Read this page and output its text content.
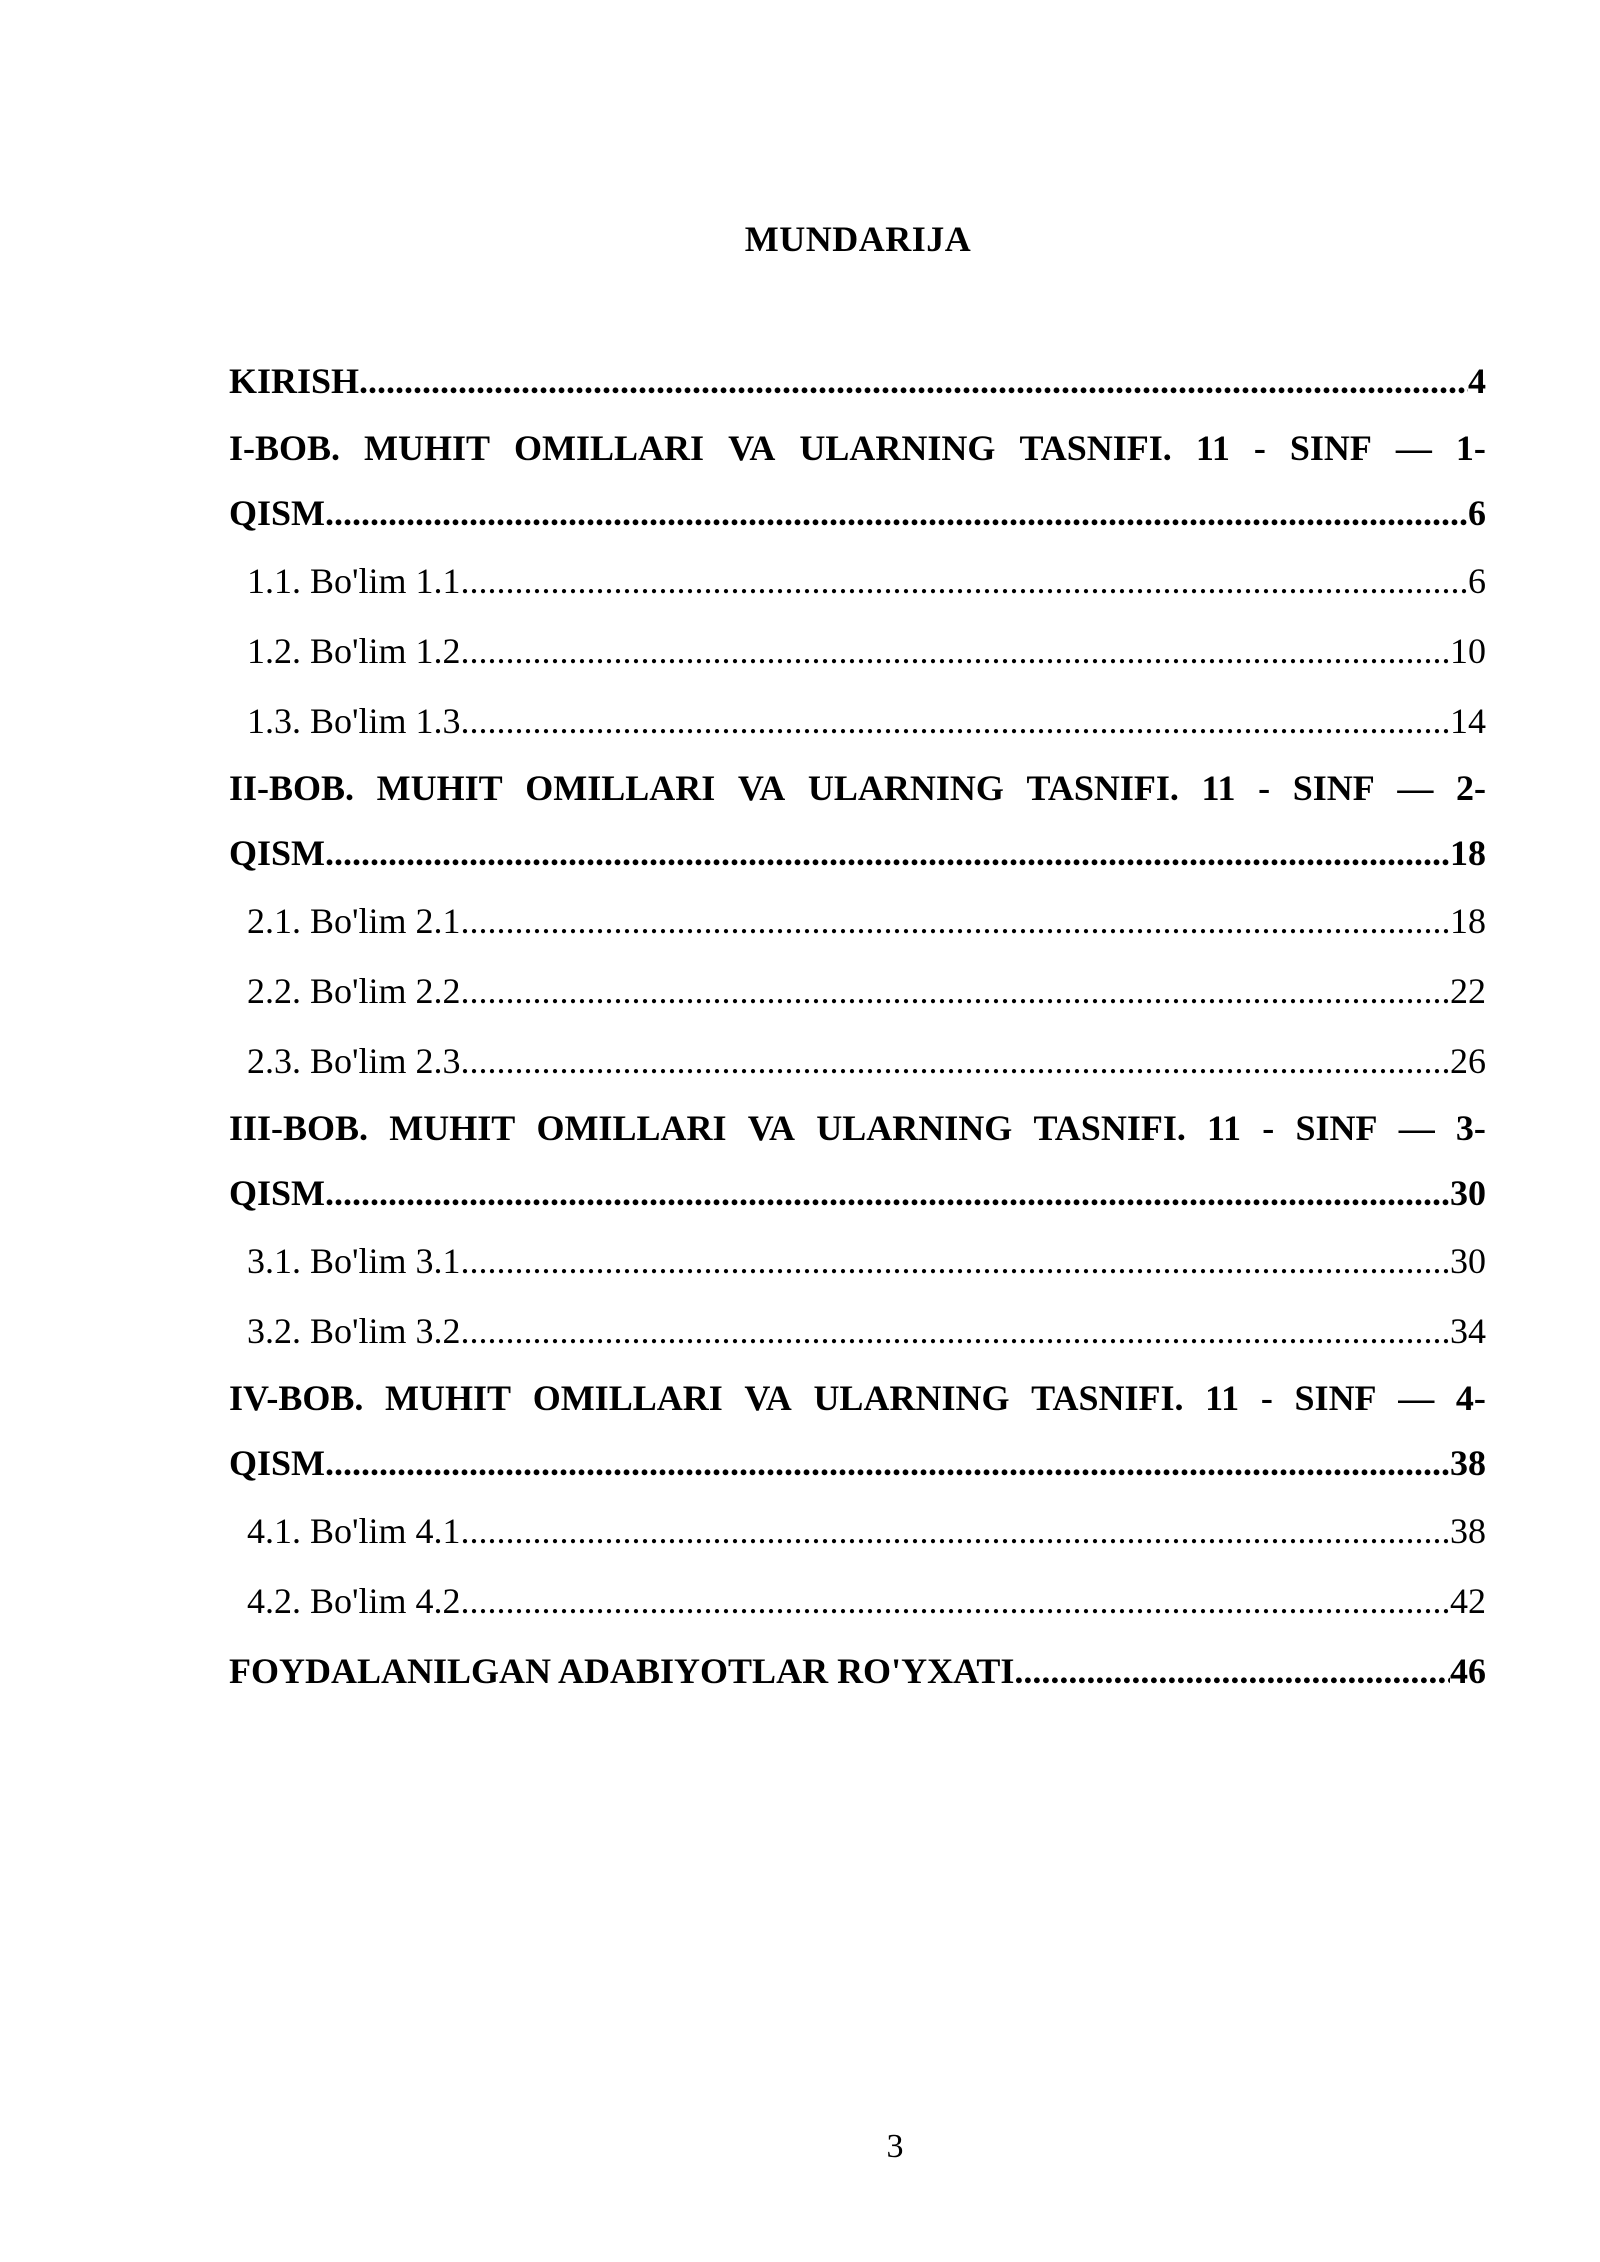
MUNDARIJA
KIRISH .....	4
I-BOB. MUHIT OMILLARI VA ULARNING TASNIFI. 11 - SINF — 1-
QISM .....	6
1.1. Bo'lim 1.1 .....	6
1.2. Bo'lim 1.2 .....	10
1.3. Bo'lim 1.3 .....	14
II-BOB. MUHIT OMILLARI VA ULARNING TASNIFI. 11 - SINF — 2-
QISM .....	18
2.1. Bo'lim 2.1 .....	18
2.2. Bo'lim 2.2 .....	22
2.3. Bo'lim 2.3 .....	26
III-BOB. MUHIT OMILLARI VA ULARNING TASNIFI. 11 - SINF — 3-
QISM .....	30
3.1. Bo'lim 3.1 .....	30
3.2. Bo'lim 3.2 .....	34
IV-BOB. MUHIT OMILLARI VA ULARNING TASNIFI. 11 - SINF — 4-
QISM .....	38
4.1. Bo'lim 4.1 .....	38
4.2. Bo'lim 4.2 .....	42
FOYDALANILGAN ADABIYOTLAR RO'YXATI .....	46
3
